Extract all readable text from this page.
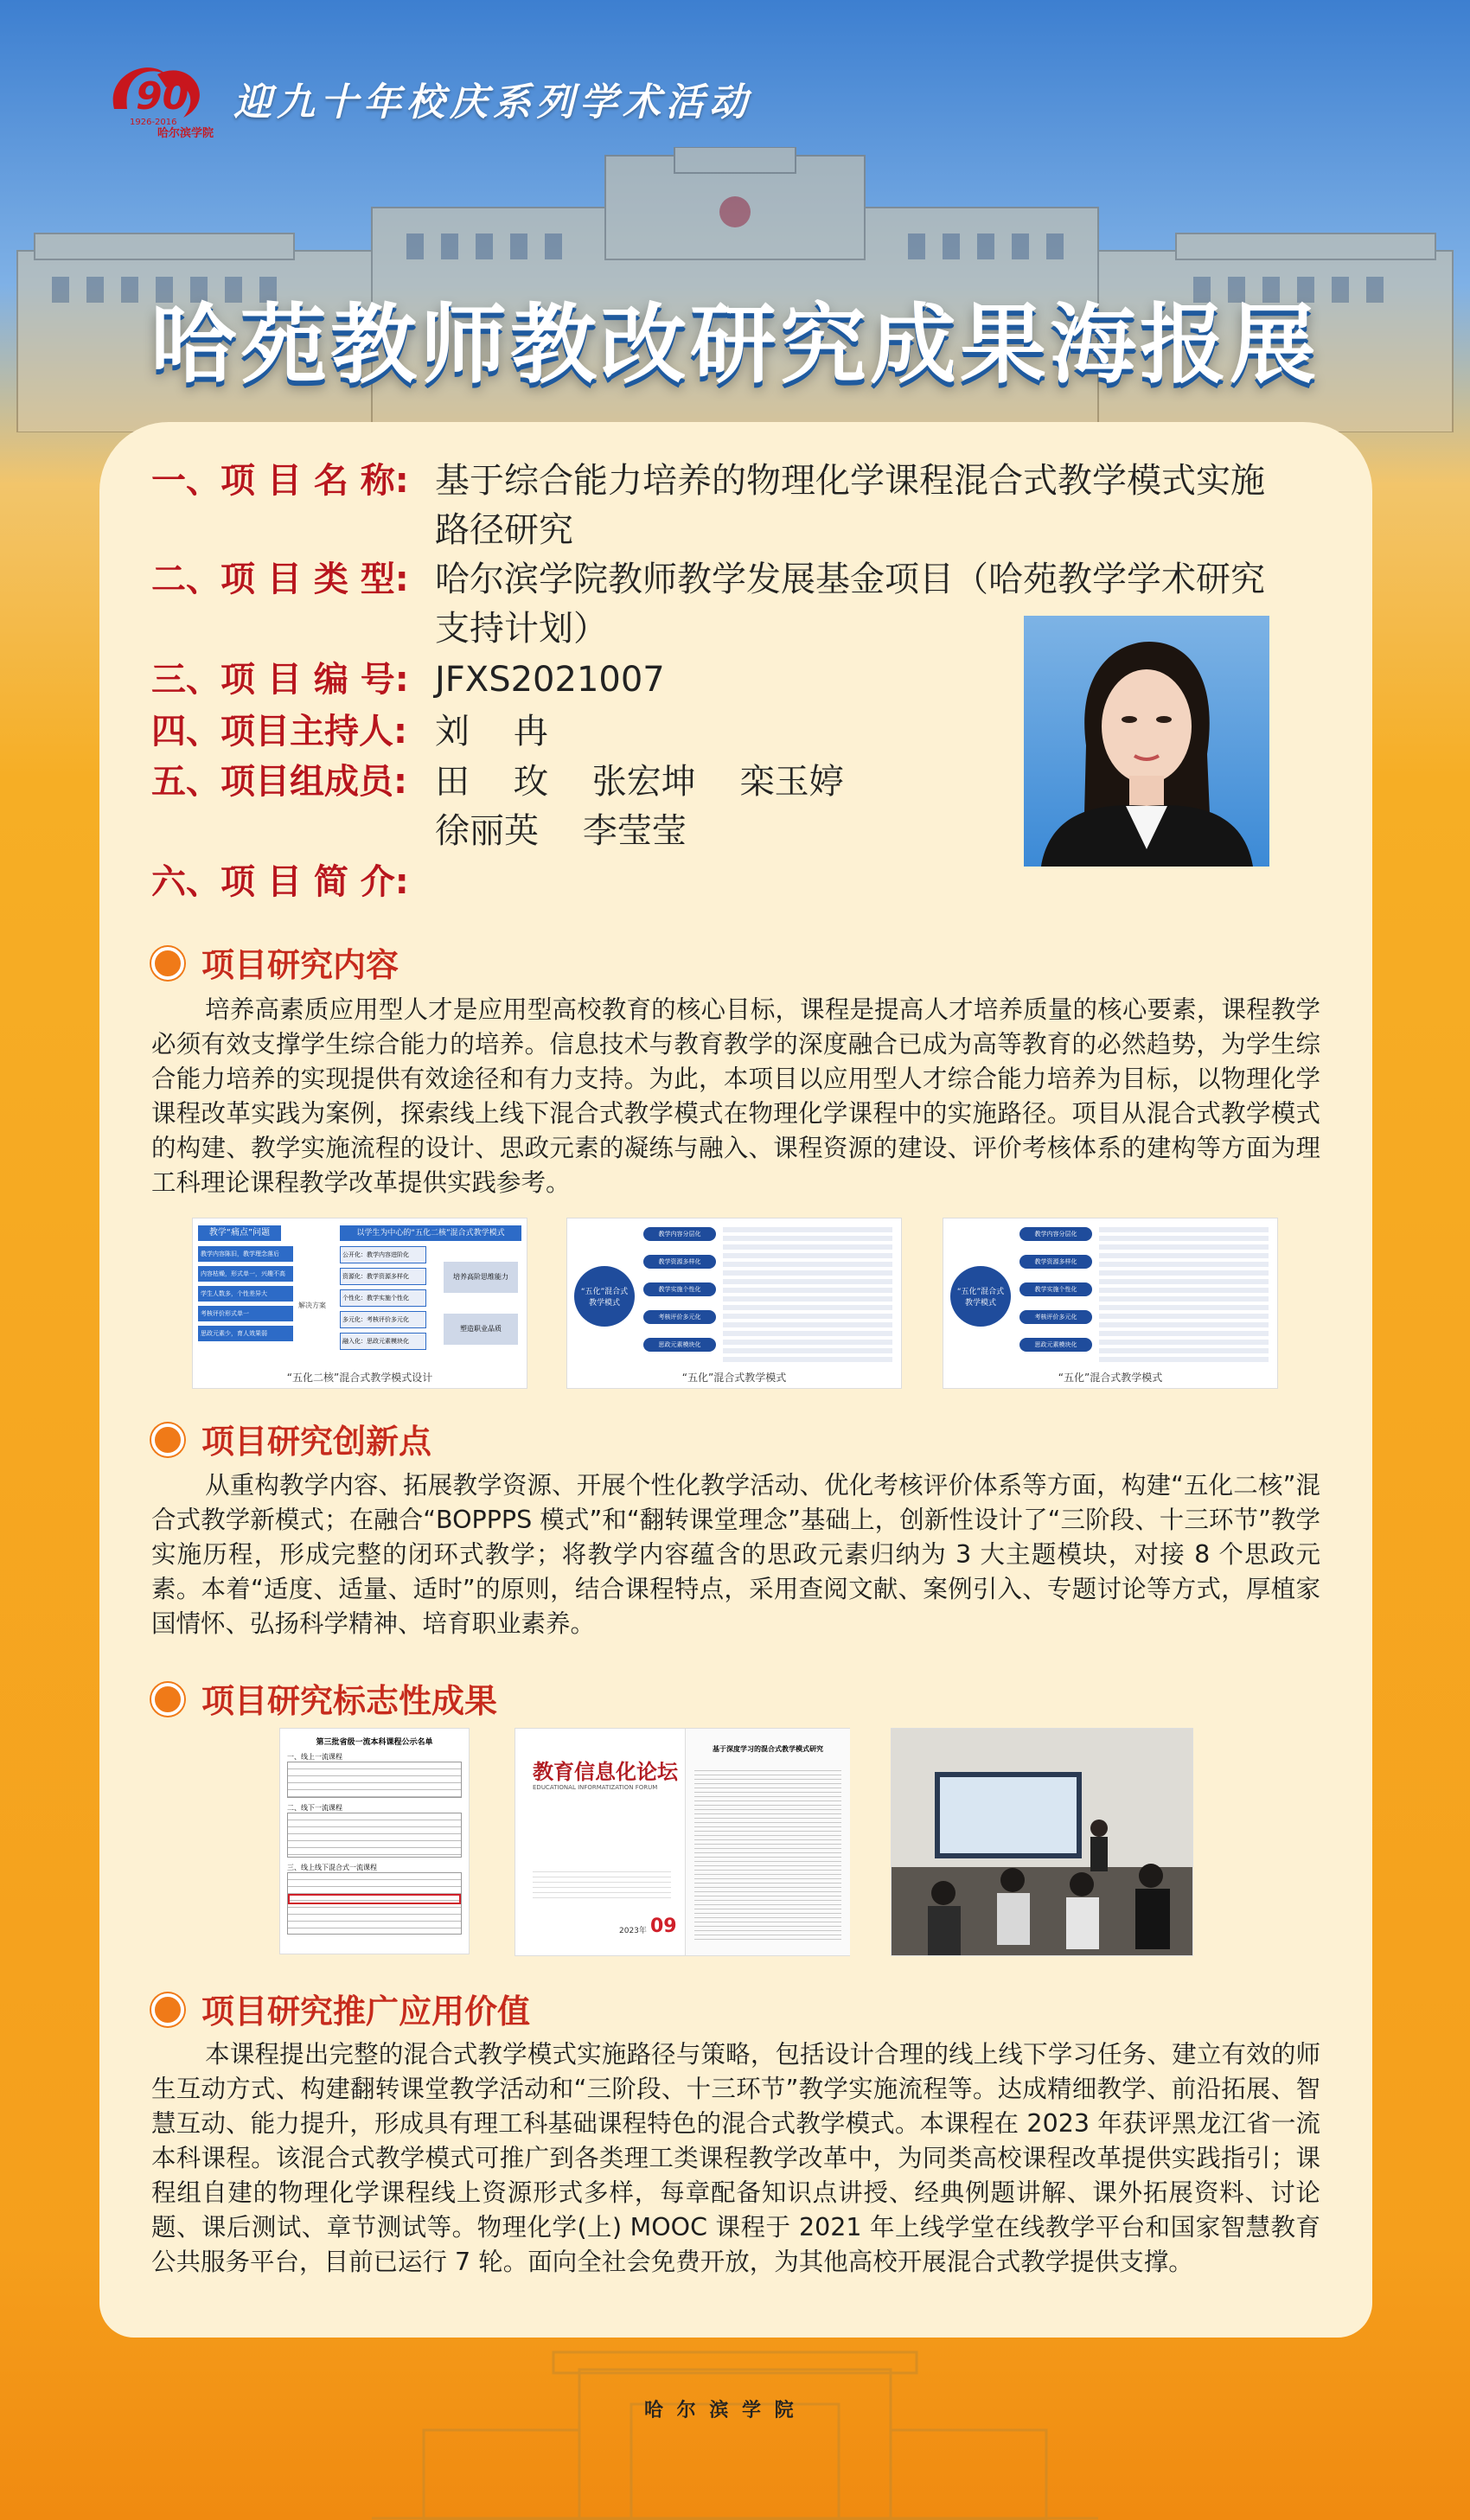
90
1926-2016
哈尔滨学院
迎九十年校庆系列学术活动
哈苑教师教改研究成果海报展
一、项 目 名 称: 基于综合能力培养的物理化学课程混合式教学模式实施
路径研究
二、项 目 类 型: 哈尔滨学院教师教学发展基金项目（哈苑教学学术研究
支持计划）
三、项 目 编 号: JFXS2021007
四、项目主持人: 刘    冉
五、项目组成员: 田    玫    张宏坤    栾玉婷
徐丽英    李莹莹
六、项 目 简 介:
项目研究内容
培养高素质应用型人才是应用型高校教育的核心目标，课程是提高人才培养质量的核心要素，课程教学必须有效支撑学生综合能力的培养。信息技术与教育教学的深度融合已成为高等教育的必然趋势，为学生综合能力培养的实现提供有效途径和有力支持。为此，本项目以应用型人才综合能力培养为目标，以物理化学课程改革实践为案例，探索线上线下混合式教学模式在物理化学课程中的实施路径。项目从混合式教学模式的构建、教学实施流程的设计、思政元素的凝练与融入、课程资源的建设、评价考核体系的建构等方面为理工科理论课程教学改革提供实践参考。
教学“痛点”问题	以学生为中心的“五化二核”混合式教学模式
教学内容陈旧，教学理念落后
内容枯燥，形式单一，兴趣不高
学生人数多，个性差异大
考核评价形式单一
思政元素少，育人效果弱
解决方案
公开化：教学内容进阶化
资源化：教学资源多样化
个性化：教学实施个性化
多元化：考核评价多元化
融入化：思政元素模块化
培养高阶思维能力
塑造职业品质
“五化二核”混合式教学模式设计
“五化”混合式教学模式
教学内容分层化
教学资源多样化
教学实施个性化
考核评价多元化
思政元素模块化
“五化”混合式教学模式
“五化”混合式教学模式
教学内容分层化
教学资源多样化
教学实施个性化
考核评价多元化
思政元素模块化
“五化”混合式教学模式
项目研究创新点
从重构教学内容、拓展教学资源、开展个性化教学活动、优化考核评价体系等方面，构建“五化二核”混合式教学新模式；在融合“BOPPPS 模式”和“翻转课堂理念”基础上，创新性设计了“三阶段、十三环节”教学实施历程，形成完整的闭环式教学；将教学内容蕴含的思政元素归纳为 3 大主题模块，对接 8 个思政元素。本着“适度、适量、适时”的原则，结合课程特点，采用查阅文献、案例引入、专题讨论等方式，厚植家国情怀、弘扬科学精神、培育职业素养。
项目研究标志性成果
第三批省级一流本科课程公示名单
一、线上一流课程
二、线下一流课程
三、线上线下混合式一流课程
教育信息化论坛
EDUCATIONAL INFORMATIZATION FORUM
2023年 09
基于深度学习的混合式教学模式研究
项目研究推广应用价值
本课程提出完整的混合式教学模式实施路径与策略，包括设计合理的线上线下学习任务、建立有效的师生互动方式、构建翻转课堂教学活动和“三阶段、十三环节”教学实施流程等。达成精细教学、前沿拓展、智慧互动、能力提升，形成具有理工科基础课程特色的混合式教学模式。本课程在 2023 年获评黑龙江省一流本科课程。该混合式教学模式可推广到各类理工类课程教学改革中，为同类高校课程改革提供实践指引；课程组自建的物理化学课程线上资源形式多样，每章配备知识点讲授、经典例题讲解、课外拓展资料、讨论题、课后测试、章节测试等。物理化学(上) MOOC 课程于 2021 年上线学堂在线教学平台和国家智慧教育公共服务平台，目前已运行 7 轮。面向全社会免费开放，为其他高校开展混合式教学提供支撑。
哈 尔 滨 学 院
